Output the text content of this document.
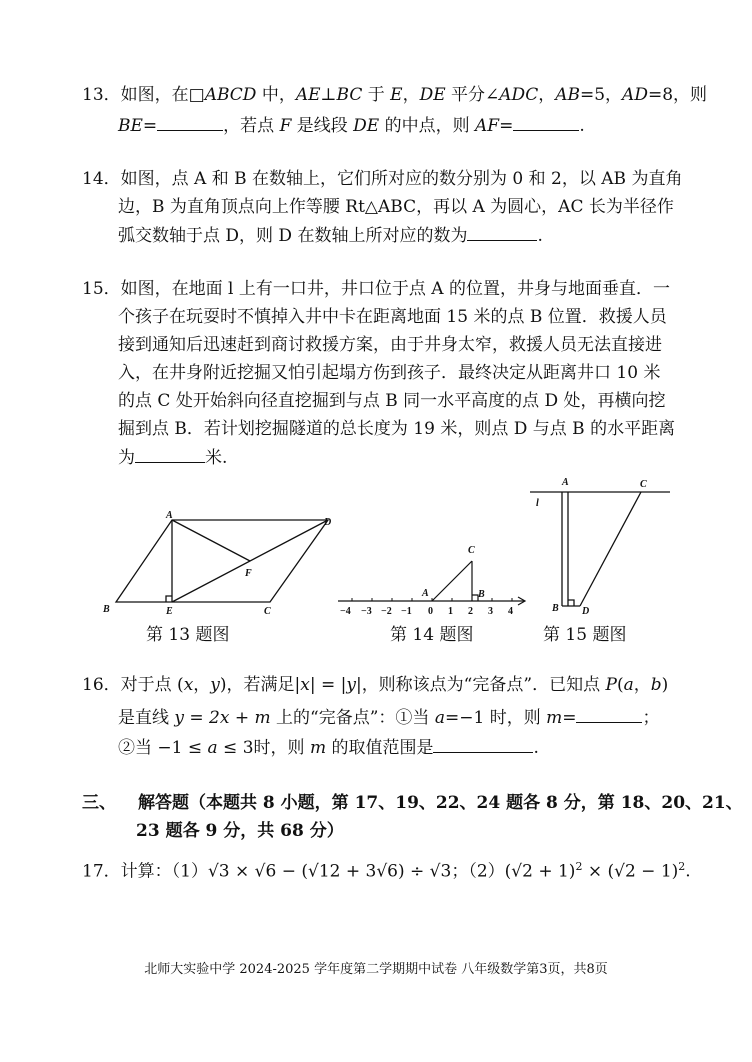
13．如图，在□ABCD 中，AE⊥BC 于 E，DE 平分∠ADC，AB=5，AD=8，则
BE=	，若点 F 是线段 DE 的中点，则 AF=	.
14．如图，点 A 和 B 在数轴上，它们所对应的数分别为 0 和 2，以 AB 为直角
边，B 为直角顶点向上作等腰 Rt△ABC，再以 A 为圆心，AC 长为半径作
弧交数轴于点 D，则 D 在数轴上所对应的数为	.
15．如图，在地面 l 上有一口井，井口位于点 A 的位置，井身与地面垂直．一
个孩子在玩耍时不慎掉入井中卡在距离地面 15 米的点 B 位置．救援人员
接到通知后迅速赶到商讨救援方案，由于井身太窄，救援人员无法直接进
入，在井身附近挖掘又怕引起塌方伤到孩子．最终决定从距离井口 10 米
的点 C 处开始斜向径直挖掘到与点 B 同一水平高度的点 D 处，再横向挖
掘到点 B．若计划挖掘隧道的总长度为 19 米，则点 D 与点 B 的水平距离
为	米.
A
B	E	C
D
F
第 13 题图
−4 −3 −2 −1 0 1 2 3 4
A	B
C
第 14 题图
l
A	C
B D
第 15 题图
16．对于点 (x，y)，若满足|x| = |y|，则称该点为“完备点”．已知点 P(a，b)
是直线 y = 2x + m 上的“完备点”：①当 a=−1 时，则 m=	；
②当 −1 ≤ a ≤ 3时，则 m 的取值范围是	.
三、 解答题（本题共 8 小题，第 17、19、22、24 题各 8 分，第 18、20、21、
23 题各 9 分，共 68 分）
17．计算：（1）√3 × √6 − (√12 + 3√6) ÷ √3；$(2)(√2 + 1)^2 \times (√2 - 1)^2$.
北师大实验中学 2024-2025 学年度第二学期期中试卷 八年级数学第3页，共8页
